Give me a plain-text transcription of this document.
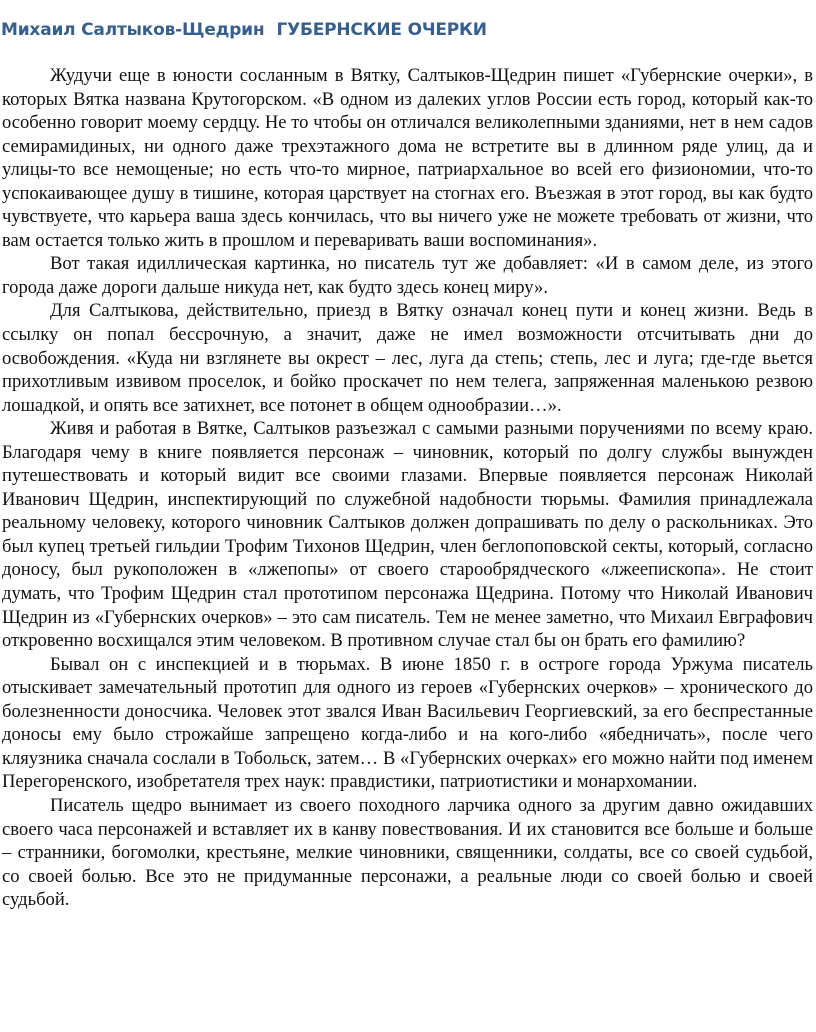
Михаил Салтыков-Щедрин ГУБЕРНСКИЕ ОЧЕРКИ

Жудучи еще в юности сосланным в Вятку, Салтыков-Щедрин пишет «Губернские очерки», в которых Вятка названа Крутогорском. «В одном из далеких углов России есть город, который как-то особенно говорит моему сердцу. Не то чтобы он отличался великолепными зданиями, нет в нем садов семирамидиных, ни одного даже трехэтажного дома не встретите вы в длинном ряде улиц, да и улицы-то все немощеные; но есть что-то мирное, патриархальное во всей его физиономии, что-то успокаивающее душу в тишине, которая царствует на стогнах его. Въезжая в этот город, вы как будто чувствуете, что карьера ваша здесь кончилась, что вы ничего уже не можете требовать от жизни, что вам остается только жить в прошлом и переваривать ваши воспоминания».

Вот такая идиллическая картинка, но писатель тут же добавляет: «И в самом деле, из этого города даже дороги дальше никуда нет, как будто здесь конец миру».

Для Салтыкова, действительно, приезд в Вятку означал конец пути и конец жизни. Ведь в ссылку он попал бессрочную, а значит, даже не имел возможности отсчитывать дни до освобождения. «Куда ни взглянете вы окрест – лес, луга да степь; степь, лес и луга; где-где вьется прихотливым извивом проселок, и бойко проскачет по нем телега, запряженная маленькою резвою лошадкой, и опять все затихнет, все потонет в общем однообразии…».

Живя и работая в Вятке, Салтыков разъезжал с самыми разными поручениями по всему краю. Благодаря чему в книге появляется персонаж – чиновник, который по долгу службы вынужден путешествовать и который видит все своими глазами. Впервые появляется персонаж Николай Иванович Щедрин, инспектирующий по служебной надобности тюрьмы. Фамилия принадлежала реальному человеку, которого чиновник Салтыков должен допрашивать по делу о раскольниках. Это был купец третьей гильдии Трофим Тихонов Щедрин, член беглопоповской секты, который, согласно доносу, был рукоположен в «лжепопы» от своего старообрядческого «лжеепископа». Не стоит думать, что Трофим Щедрин стал прототипом персонажа Щедрина. Потому что Николай Иванович Щедрин из «Губернских очерков» – это сам писатель. Тем не менее заметно, что Михаил Евграфович откровенно восхищался этим человеком. В противном случае стал бы он брать его фамилию?

Бывал он с инспекцией и в тюрьмах. В июне 1850 г. в остроге города Уржума писатель отыскивает замечательный прототип для одного из героев «Губернских очерков» – хронического до болезненности доносчика. Человек этот звался Иван Васильевич Георгиевский, за его беспрестанные доносы ему было строжайше запрещено когда-либо и на кого-либо «ябедничать», после чего кляузника сначала сослали в Тобольск, затем… В «Губернских очерках» его можно найти под именем Перегоренского, изобретателя трех наук: правдистики, патриотистики и монархомании.

Писатель щедро вынимает из своего походного ларчика одного за другим давно ожидавших своего часа персонажей и вставляет их в канву повествования. И их становится все больше и больше – странники, богомолки, крестьяне, мелкие чиновники, священники, солдаты, все со своей судьбой, со своей болью. Все это не придуманные персонажи, а реальные люди со своей болью и своей судьбой.
